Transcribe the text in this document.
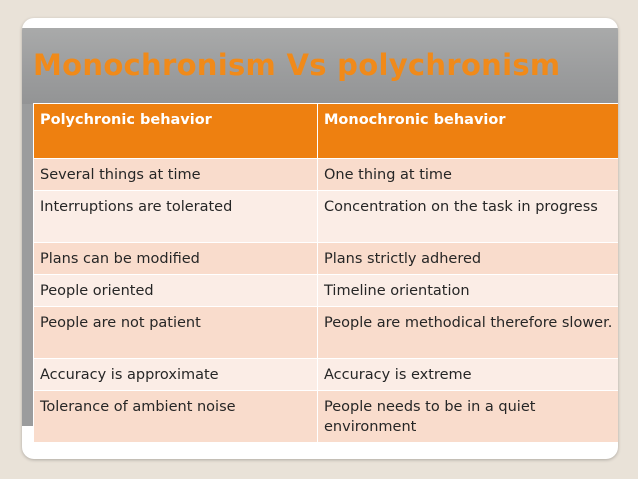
Monochronism Vs polychronism
Polychronic behavior	Monochronic behavior
Several things at time	One thing at time
Interruptions are tolerated	Concentration on the task in progress
Plans can be modified	Plans strictly adhered
People oriented	Timeline orientation
People are not patient	People are methodical therefore slower.
Accuracy is approximate	Accuracy is extreme
Tolerance of ambient noise	People needs to be in a quiet environment
